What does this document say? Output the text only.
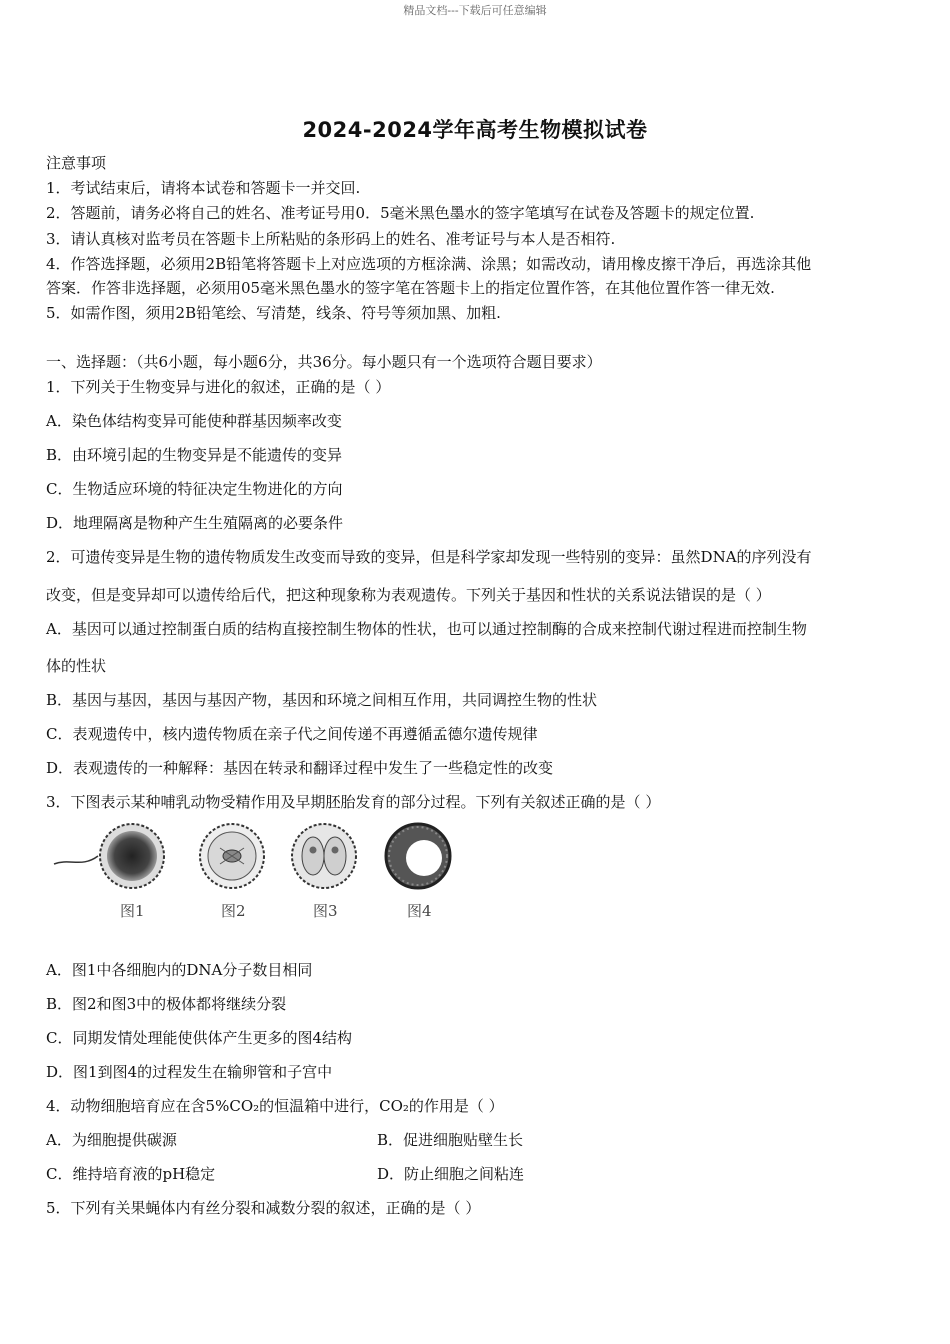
精品文档---下载后可任意编辑
2024-2024学年高考生物模拟试卷
注意事项
1．考试结束后，请将本试卷和答题卡一并交回.
2．答题前，请务必将自己的姓名、准考证号用0．5毫米黑色墨水的签字笔填写在试卷及答题卡的规定位置.
3．请认真核对监考员在答题卡上所粘贴的条形码上的姓名、准考证号与本人是否相符.
4．作答选择题，必须用2B铅笔将答题卡上对应选项的方框涂满、涂黑；如需改动，请用橡皮擦干净后，再选涂其他
答案．作答非选择题，必须用05毫米黑色墨水的签字笔在答题卡上的指定位置作答，在其他位置作答一律无效.
5．如需作图，须用2B铅笔绘、写清楚，线条、符号等须加黑、加粗.
一、选择题：（共6小题，每小题6分，共36分。每小题只有一个选项符合题目要求）
1．下列关于生物变异与进化的叙述，正确的是（ ）
A．染色体结构变异可能使种群基因频率改变
B．由环境引起的生物变异是不能遗传的变异
C．生物适应环境的特征决定生物进化的方向
D．地理隔离是物种产生生殖隔离的必要条件
2．可遗传变异是生物的遗传物质发生改变而导致的变异，但是科学家却发现一些特别的变异：虽然DNA的序列没有
改变，但是变异却可以遗传给后代，把这种现象称为表观遗传。下列关于基因和性状的关系说法错误的是（ ）
A．基因可以通过控制蛋白质的结构直接控制生物体的性状，也可以通过控制酶的合成来控制代谢过程进而控制生物
体的性状
B．基因与基因，基因与基因产物，基因和环境之间相互作用，共同调控生物的性状
C．表观遗传中，核内遗传物质在亲子代之间传递不再遵循孟德尔遗传规律
D．表观遗传的一种解释：基因在转录和翻译过程中发生了一些稳定性的改变
3．下图表示某种哺乳动物受精作用及早期胚胎发育的部分过程。下列有关叙述正确的是（ ）
图1	图2	图3	图4
A．图1中各细胞内的DNA分子数目相同
B．图2和图3中的极体都将继续分裂
C．同期发情处理能使供体产生更多的图4结构
D．图1到图4的过程发生在输卵管和子宫中
4．动物细胞培育应在含5%CO₂的恒温箱中进行，CO₂的作用是（ ）
A．为细胞提供碳源	B．促进细胞贴壁生长
C．维持培育液的pH稳定	D．防止细胞之间粘连
5．下列有关果蝇体内有丝分裂和减数分裂的叙述，正确的是（ ）
